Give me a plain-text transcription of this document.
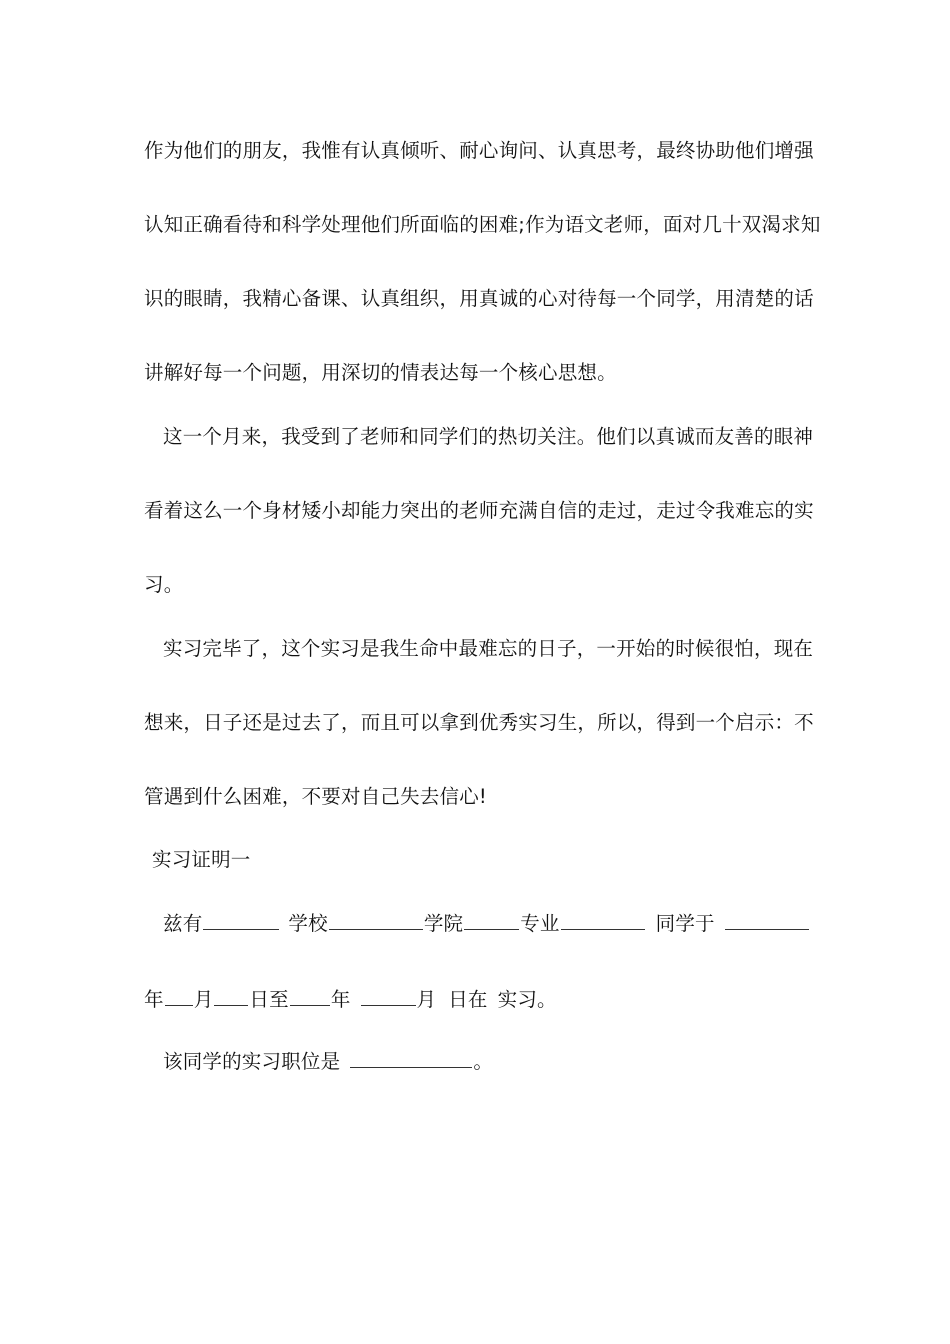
作为他们的朋友，我惟有认真倾听、耐心询问、认真思考，最终协助他们增强
认知正确看待和科学处理他们所面临的困难;作为语文老师，面对几十双渴求知
识的眼睛，我精心备课、认真组织，用真诚的心对待每一个同学，用清楚的话
讲解好每一个问题，用深切的情表达每一个核心思想。
这一个月来，我受到了老师和同学们的热切关注。他们以真诚而友善的眼神
看着这么一个身材矮小却能力突出的老师充满自信的走过，走过令我难忘的实
习。
实习完毕了，这个实习是我生命中最难忘的日子，一开始的时候很怕，现在
想来，日子还是过去了，而且可以拿到优秀实习生，所以，得到一个启示：不
管遇到什么困难，不要对自己失去信心!
实习证明一
兹有	学校	学院	专业	同学于
年 月 日至 年	月 日在 实习。
该同学的实习职位是	。
